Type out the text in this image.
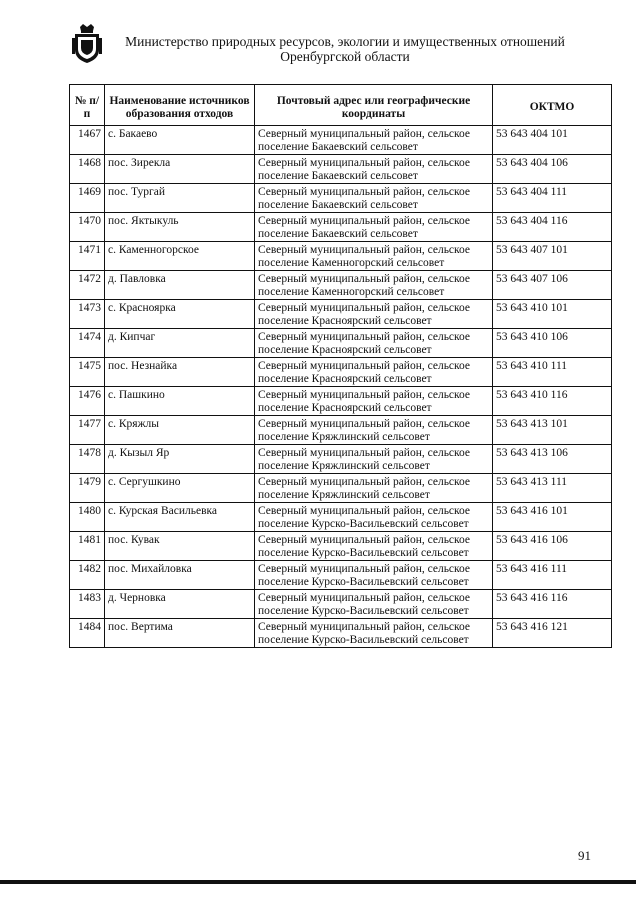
Министерство природных ресурсов, экологии и имущественных отношений
Оренбургской области
№ п/п	Наименование источников образования отходов	Почтовый адрес или географические координаты	ОКТМО
1467	с. Бакаево	Северный муниципальный район, сельское поселение Бакаевский сельсовет	53 643 404 101
1468	пос. Зирекла	Северный муниципальный район, сельское поселение Бакаевский сельсовет	53 643 404 106
1469	пос. Тургай	Северный муниципальный район, сельское поселение Бакаевский сельсовет	53 643 404 111
1470	пос. Яктыкуль	Северный муниципальный район, сельское поселение Бакаевский сельсовет	53 643 404 116
1471	с. Каменногорское	Северный муниципальный район, сельское поселение Каменногорский сельсовет	53 643 407 101
1472	д. Павловка	Северный муниципальный район, сельское поселение Каменногорский сельсовет	53 643 407 106
1473	с. Красноярка	Северный муниципальный район, сельское поселение Красноярский сельсовет	53 643 410 101
1474	д. Кипчаг	Северный муниципальный район, сельское поселение Красноярский сельсовет	53 643 410 106
1475	пос. Незнайка	Северный муниципальный район, сельское поселение Красноярский сельсовет	53 643 410 111
1476	с. Пашкино	Северный муниципальный район, сельское поселение Красноярский сельсовет	53 643 410 116
1477	с. Кряжлы	Северный муниципальный район, сельское поселение Кряжлинский сельсовет	53 643 413 101
1478	д. Кызыл Яр	Северный муниципальный район, сельское поселение Кряжлинский сельсовет	53 643 413 106
1479	с. Сергушкино	Северный муниципальный район, сельское поселение Кряжлинский сельсовет	53 643 413 111
1480	с. Курская Васильевка	Северный муниципальный район, сельское поселение Курско-Васильевский сельсовет	53 643 416 101
1481	пос. Кувак	Северный муниципальный район, сельское поселение Курско-Васильевский сельсовет	53 643 416 106
1482	пос. Михайловка	Северный муниципальный район, сельское поселение Курско-Васильевский сельсовет	53 643 416 111
1483	д. Черновка	Северный муниципальный район, сельское поселение Курско-Васильевский сельсовет	53 643 416 116
1484	пос. Вертима	Северный муниципальный район, сельское поселение Курско-Васильевский сельсовет	53 643 416 121
91
